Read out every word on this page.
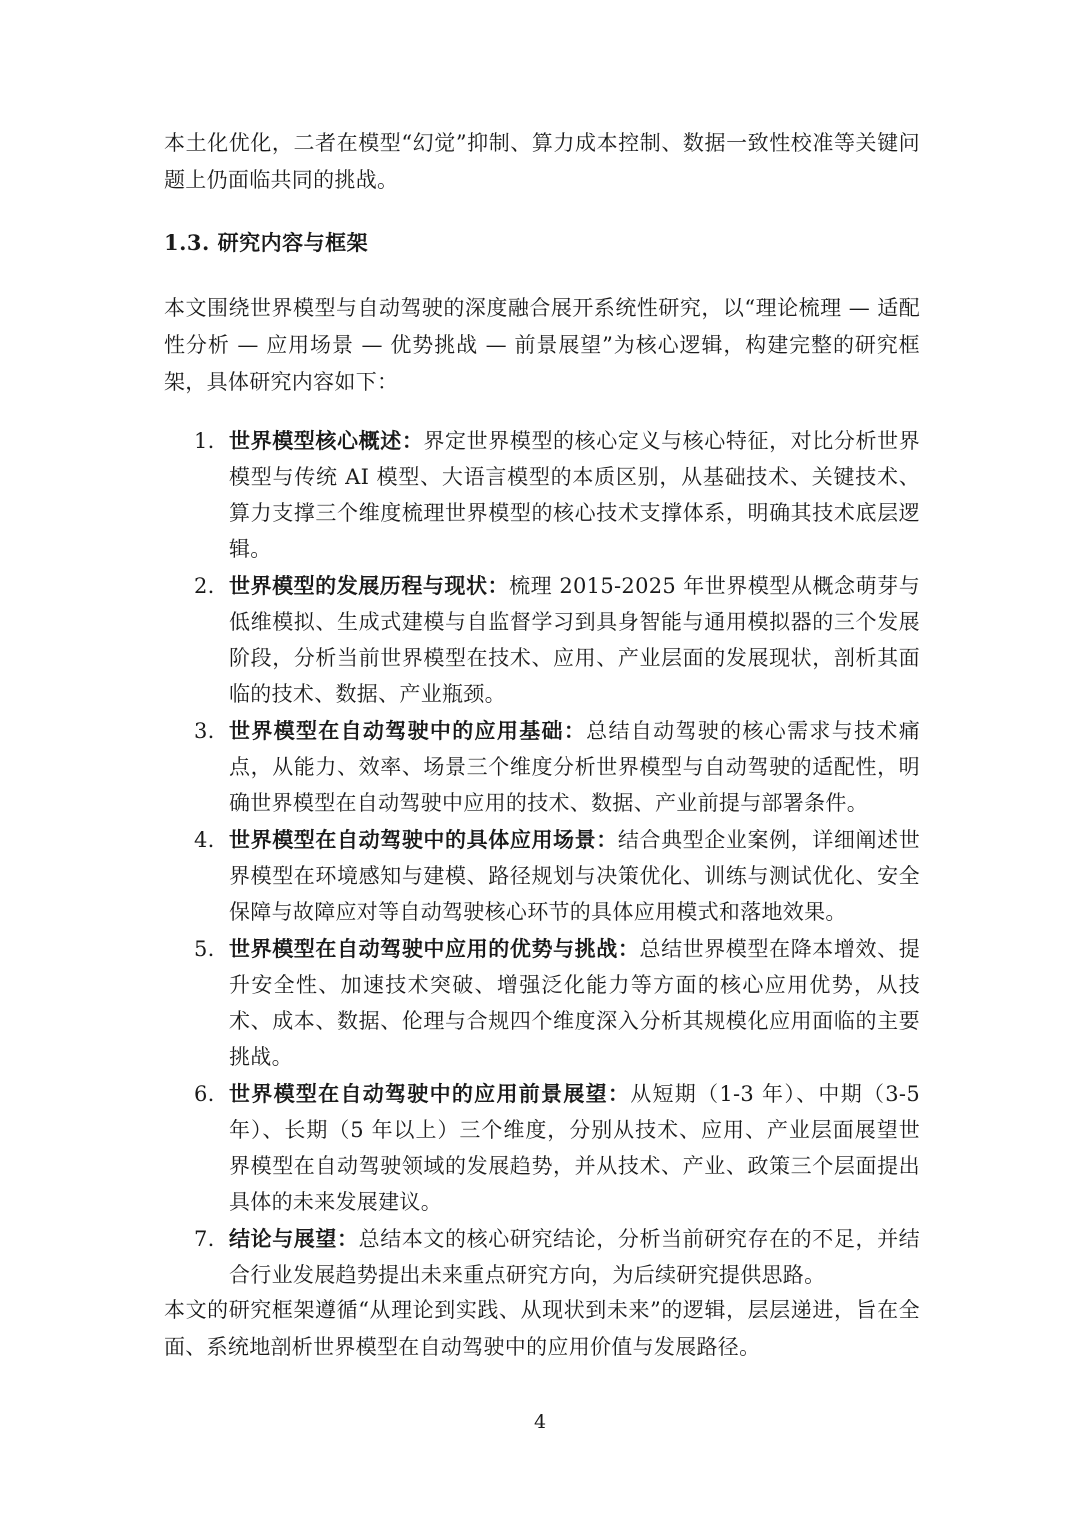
本土化优化，二者在模型“幻觉”抑制、算力成本控制、数据一致性校准等关键问题上仍面临共同的挑战。

1.3. 研究内容与框架

本文围绕世界模型与自动驾驶的深度融合展开系统性研究，以“理论梳理 — 适配性分析 — 应用场景 — 优势挑战 — 前景展望”为核心逻辑，构建完整的研究框架，具体研究内容如下：

1. 世界模型核心概述：界定世界模型的核心定义与核心特征，对比分析世界模型与传统 AI 模型、大语言模型的本质区别，从基础技术、关键技术、算力支撑三个维度梳理世界模型的核心技术支撑体系，明确其技术底层逻辑。
2. 世界模型的发展历程与现状：梳理 2015-2025 年世界模型从概念萌芽与低维模拟、生成式建模与自监督学习到具身智能与通用模拟器的三个发展阶段，分析当前世界模型在技术、应用、产业层面的发展现状，剖析其面临的技术、数据、产业瓶颈。
3. 世界模型在自动驾驶中的应用基础：总结自动驾驶的核心需求与技术痛点，从能力、效率、场景三个维度分析世界模型与自动驾驶的适配性，明确世界模型在自动驾驶中应用的技术、数据、产业前提与部署条件。
4. 世界模型在自动驾驶中的具体应用场景：结合典型企业案例，详细阐述世界模型在环境感知与建模、路径规划与决策优化、训练与测试优化、安全保障与故障应对等自动驾驶核心环节的具体应用模式和落地效果。
5. 世界模型在自动驾驶中应用的优势与挑战：总结世界模型在降本增效、提升安全性、加速技术突破、增强泛化能力等方面的核心应用优势，从技术、成本、数据、伦理与合规四个维度深入分析其规模化应用面临的主要挑战。
6. 世界模型在自动驾驶中的应用前景展望：从短期（1-3 年）、中期（3-5 年）、长期（5 年以上）三个维度，分别从技术、应用、产业层面展望世界模型在自动驾驶领域的发展趋势，并从技术、产业、政策三个层面提出具体的未来发展建议。
7. 结论与展望：总结本文的核心研究结论，分析当前研究存在的不足，并结合行业发展趋势提出未来重点研究方向，为后续研究提供思路。

本文的研究框架遵循“从理论到实践、从现状到未来”的逻辑，层层递进，旨在全面、系统地剖析世界模型在自动驾驶中的应用价值与发展路径。

4
